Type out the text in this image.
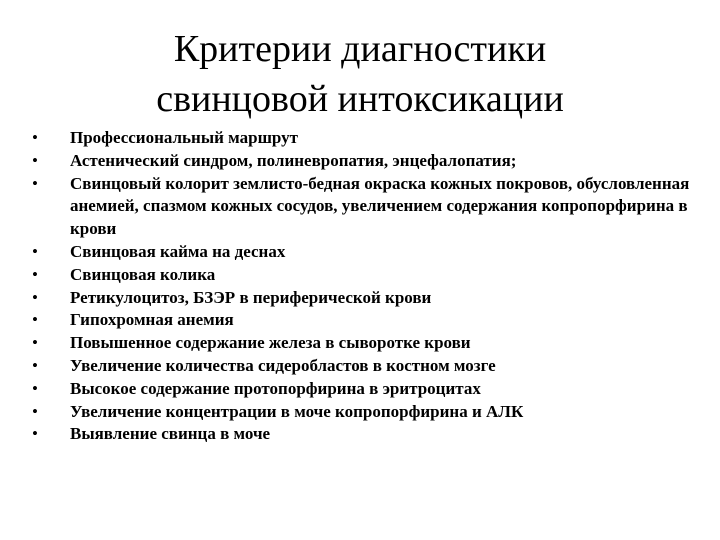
Критерии диагностики
свинцовой интоксикации
•	Профессиональный маршрут
•	Астенический синдром, полиневропатия, энцефалопатия;
•	Свинцовый колорит землисто-бедная окраска кожных покровов, обусловленная анемией, спазмом кожных сосудов, увеличением содержания копропорфирина в крови
•	Свинцовая кайма на деснах
•	Свинцовая колика
•	Ретикулоцитоз, БЗЭР в периферической крови
•	Гипохромная анемия
•	Повышенное содержание железа в сыворотке крови
•	Увеличение количества сидеробластов в костном мозге
•	Высокое содержание протопорфирина в эритроцитах
•	Увеличение концентрации в моче копропорфирина и АЛК
•	Выявление свинца в моче
